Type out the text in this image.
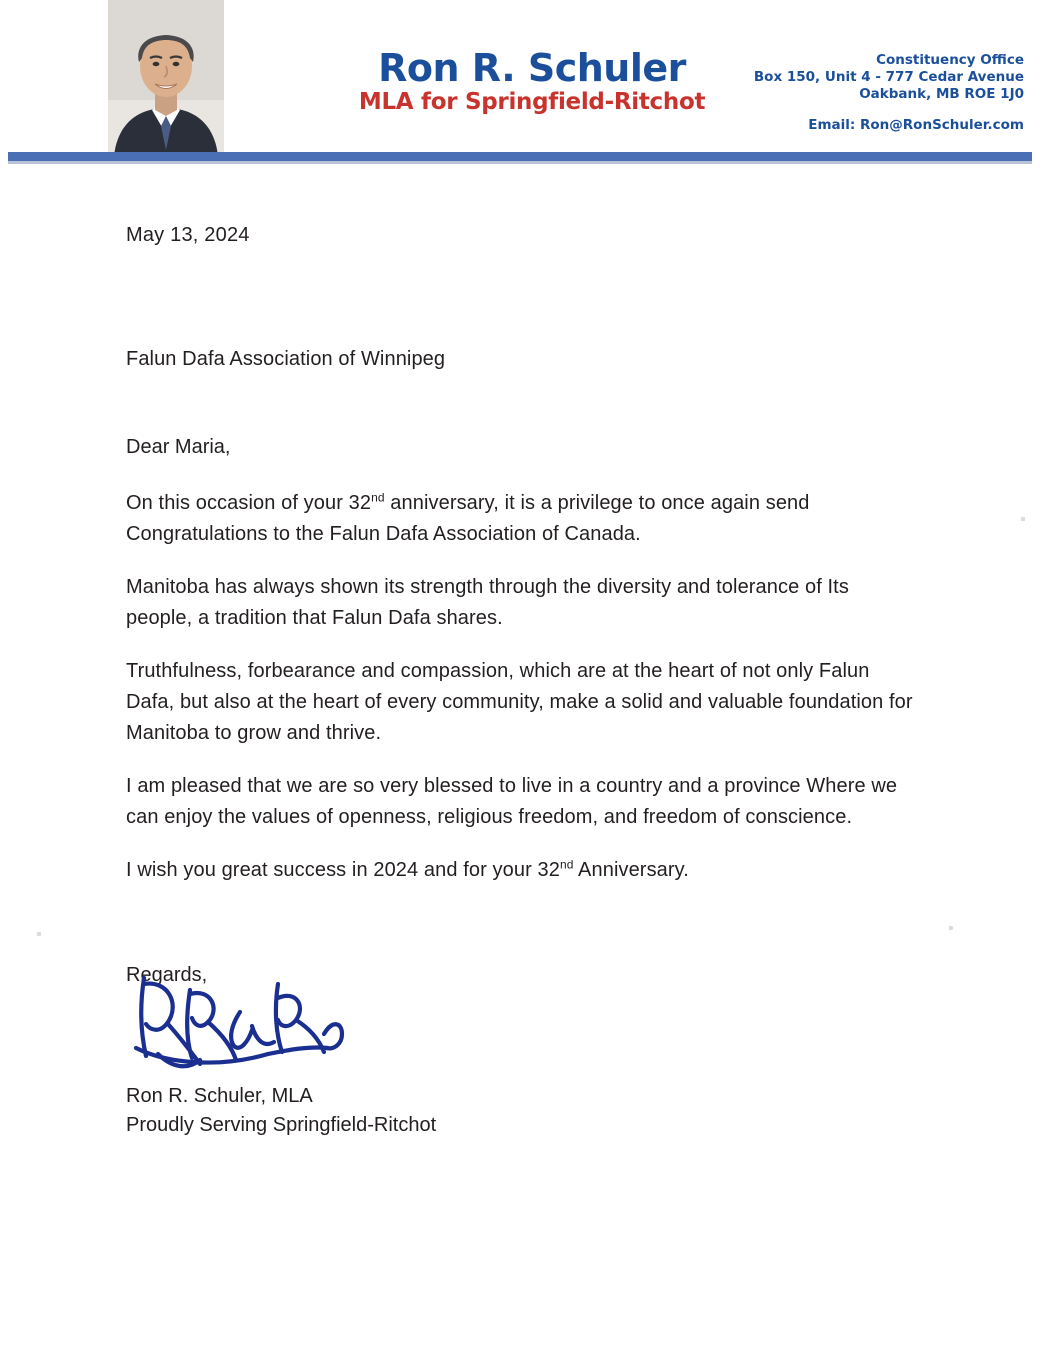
Ron R. Schuler
MLA for Springfield-Ritchot
Constituency Office
Box 150, Unit 4 - 777 Cedar Avenue
Oakbank, MB ROE 1J0
Email: Ron@RonSchuler.com
May 13, 2024
Falun Dafa Association of Winnipeg
Dear Maria,

On this occasion of your 32nd anniversary, it is a privilege to once again send Congratulations to the Falun Dafa Association of Canada.

Manitoba has always shown its strength through the diversity and tolerance of Its people, a tradition that Falun Dafa shares.

Truthfulness, forbearance and compassion, which are at the heart of not only Falun Dafa, but also at the heart of every community, make a solid and valuable foundation for Manitoba to grow and thrive.

I am pleased that we are so very blessed to live in a country and a province Where we can enjoy the values of openness, religious freedom, and freedom of conscience.

I wish you great success in 2024 and for your 32nd Anniversary.

Regards,
Ron R. Schuler, MLA
Proudly Serving Springfield-Ritchot
